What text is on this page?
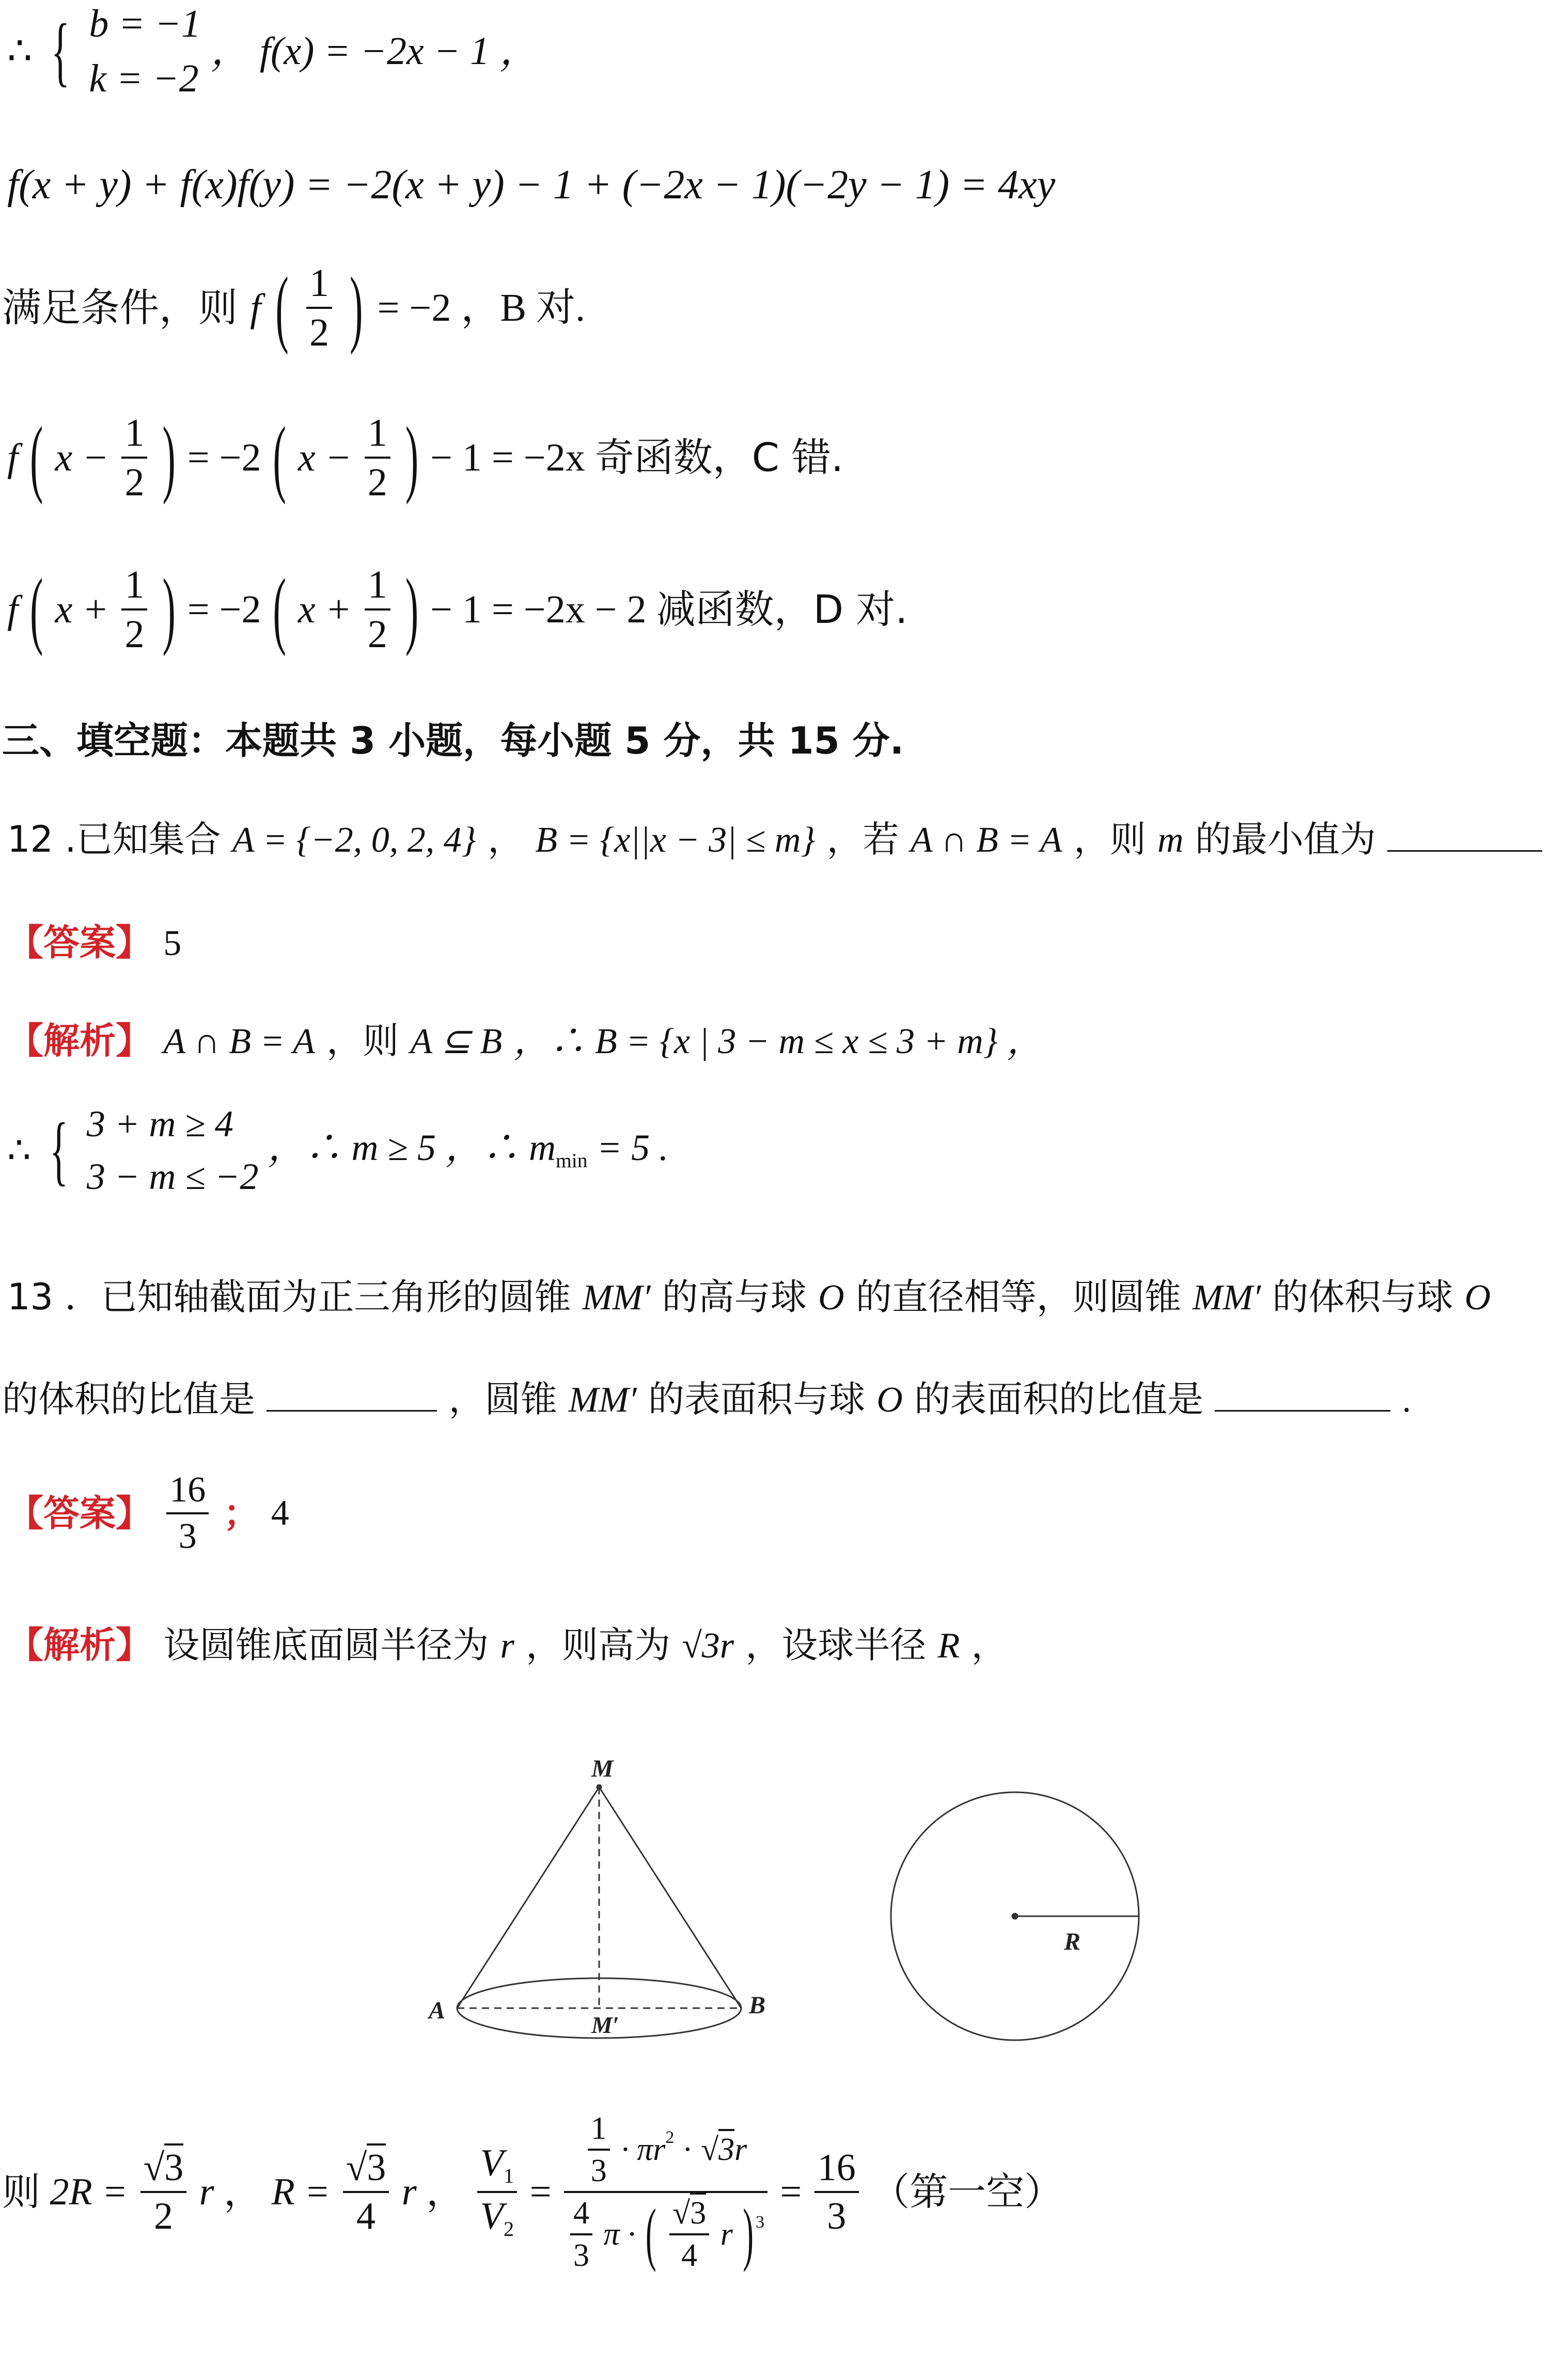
∴ { b = −1
k = −2
， f(x) = −2x − 1 ，
f(x + y) + f(x)f(y) = −2(x + y) − 1 + (−2x − 1)(−2y − 1) = 4xy
满足条件，则 f ( $\frac{1}{2}$ ) = −2 ，B 对.
f ( $x - \frac{1}{2}$ ) = −2 ( $x - \frac{1}{2}$ ) − 1 = −2x 奇函数，C 错.
f ( $x + \frac{1}{2}$ ) = −2 ( $x + \frac{1}{2}$ ) − 1 = −2x − 2 减函数，D 对.
三、填空题：本题共 3 小题，每小题 5 分，共 15 分.
12 .已知集合 A = {−2, 0, 2, 4} ， B = {x||x − 3| ≤ m} ，若 A ∩ B = A ，则 m 的最小值为
【答案】 5
【解析】 A ∩ B = A ，则 A ⊆ B ，∴ B = {x | 3 − m ≤ x ≤ 3 + m} ，
∴ { 3 + m ≥ 4
3 − m ≤ −2
，∴ m ≥ 5 ，∴ $m_{min} = 5$ .
13 ．已知轴截面为正三角形的圆锥 MM′ 的高与球 O 的直径相等，则圆锥 MM′ 的体积与球 O
的体积的比值是	，圆锥 MM′ 的表面积与球 O 的表面积的比值是	.
【答案】 $\frac{16}{3}$ ； 4
【解析】 设圆锥底面圆半径为 r ，则高为 √3r ，设球半径 R ，
M
A	B
M′
R
则 $2R = \frac{√3}{2}$ r ， $R = \frac{√3}{4}$ r ， $\frac{V_1}{V_2}$ =
$\frac{1}{3} \cdot \pi r^2 \cdot √3r$
$\frac{4}{3}$ π · ( $\frac{√3}{4}$ r ) $^3$
= $\frac{16}{3}$ （第一空）
